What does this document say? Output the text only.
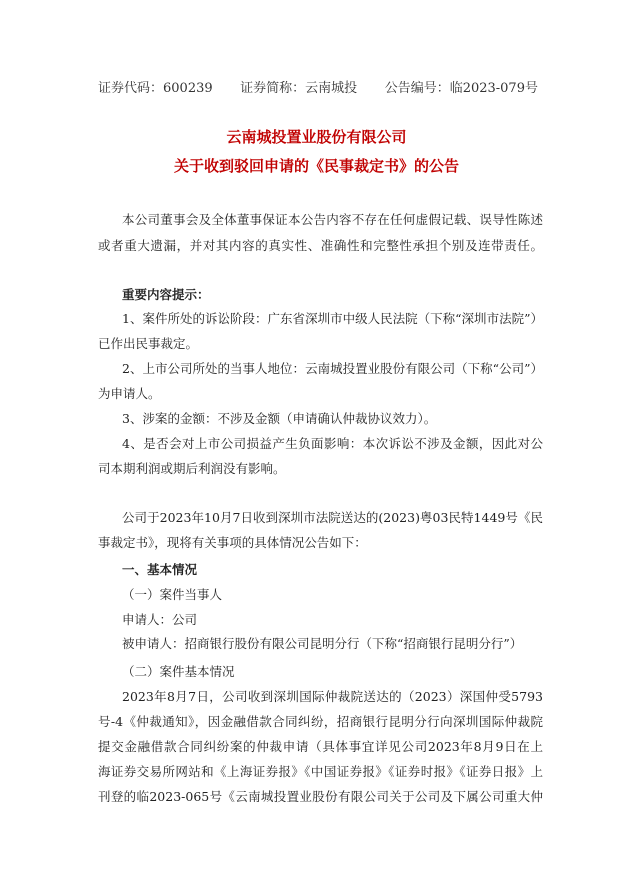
证券代码：600239 证券简称：云南城投 公告编号：临2023-079号
云南城投置业股份有限公司
关于收到驳回申请的《民事裁定书》的公告
本公司董事会及全体董事保证本公告内容不存在任何虚假记载、误导性陈述
或者重大遗漏，并对其内容的真实性、准确性和完整性承担个别及连带责任。
重要内容提示：
1、案件所处的诉讼阶段：广东省深圳市中级人民法院（下称“深圳市法院”）
已作出民事裁定。
2、上市公司所处的当事人地位：云南城投置业股份有限公司（下称“公司”）
为申请人。
3、涉案的金额：不涉及金额（申请确认仲裁协议效力）。
4、是否会对上市公司损益产生负面影响：本次诉讼不涉及金额，因此对公
司本期利润或期后利润没有影响。
公司于2023年10月7日收到深圳市法院送达的(2023)粤03民特1449号《民
事裁定书》，现将有关事项的具体情况公告如下：
一、基本情况
（一）案件当事人
申请人：公司
被申请人：招商银行股份有限公司昆明分行（下称“招商银行昆明分行”）
（二）案件基本情况
2023年8月7日，公司收到深圳国际仲裁院送达的（2023）深国仲受5793
号-4《仲裁通知》，因金融借款合同纠纷，招商银行昆明分行向深圳国际仲裁院
提交金融借款合同纠纷案的仲裁申请（具体事宜详见公司2023年8月9日在上
海证券交易所网站和《上海证券报》《中国证券报》《证券时报》《证券日报》上
刊登的临2023-065号《云南城投置业股份有限公司关于公司及下属公司重大仲
